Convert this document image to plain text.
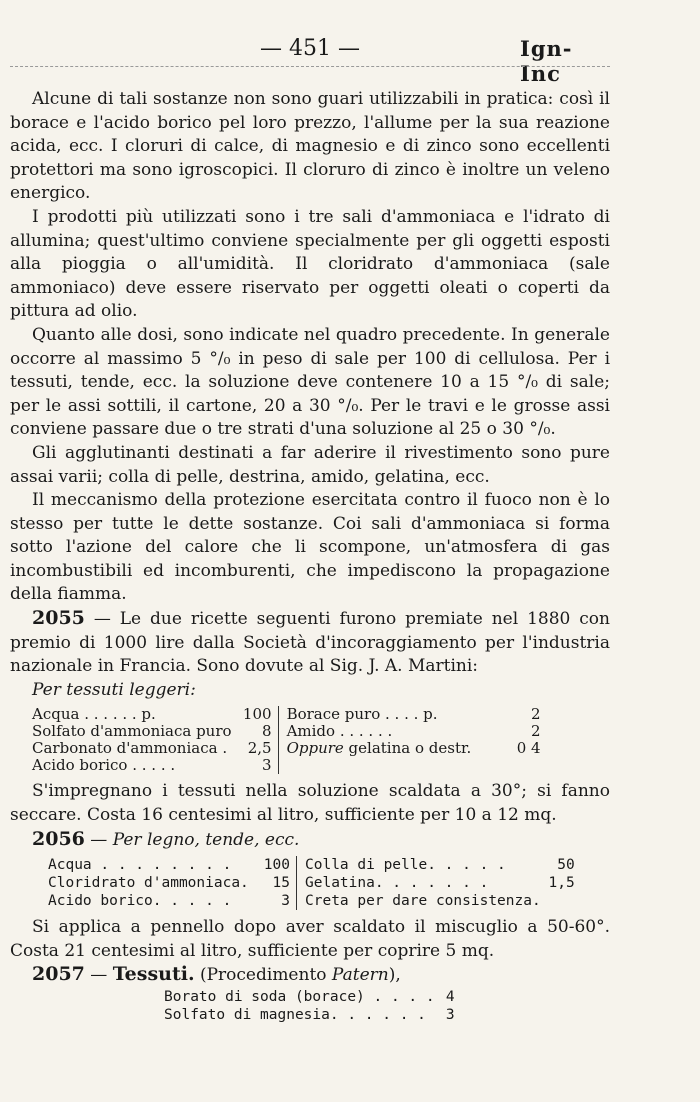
— 451 —	Ign-Inc

Alcune di tali sostanze non sono guari utilizzabili in pratica: così il borace e l'acido borico pel loro prezzo, l'allume per la sua reazione acida, ecc. I cloruri di calce, di magnesio e di zinco sono eccellenti protettori ma sono igroscopici. Il cloruro di zinco è inoltre un veleno energico.

I prodotti più utilizzati sono i tre sali d'ammoniaca e l'idrato di allumina; quest'ultimo conviene specialmente per gli oggetti esposti alla pioggia o all'umidità. Il cloridrato d'ammoniaca (sale ammoniaco) deve essere riservato per oggetti oleati o coperti da pittura ad olio.

Quanto alle dosi, sono indicate nel quadro precedente. In generale occorre al massimo 5 °/₀ in peso di sale per 100 di cellulosa. Per i tessuti, tende, ecc. la soluzione deve contenere 10 a 15 °/₀ di sale; per le assi sottili, il cartone, 20 a 30 °/₀. Per le travi e le grosse assi conviene passare due o tre strati d'una soluzione al 25 o 30 °/₀.

Gli agglutinanti destinati a far aderire il rivestimento sono pure assai varii; colla di pelle, destrina, amido, gelatina, ecc.

Il meccanismo della protezione esercitata contro il fuoco non è lo stesso per tutte le dette sostanze. Coi sali d'ammoniaca si forma sotto l'azione del calore che li scompone, un'atmosfera di gas incombustibili ed incomburenti, che impediscono la propagazione della fiamma.

2055 — Le due ricette seguenti furono premiate nel 1880 con premio di 1000 lire dalla Società d'incoraggiamento per l'industria nazionale in Francia. Sono dovute al Sig. J. A. Martini:

Per tessuti leggeri:

Acqua . . . . . . p.	100	Borace puro . . . . p.	2
Solfato d'ammoniaca puro	8	Amido . . . . . .	2
Carbonato d'ammoniaca .	2,5	Oppure gelatina o destr.	0 4
Acido borico . . . . .	3		

S'impregnano i tessuti nella soluzione scaldata a 30°; si fanno seccare. Costa 16 centesimi al litro, sufficiente per 10 a 12 mq.

2056 — Per legno, tende, ecc.

Acqua . . . . . . . .	100	Colla di pelle. . . . .	50
Cloridrato d'ammoniaca.	15	Gelatina. . . . . . .	1,5
Acido borico. . . . .	3	Creta per dare consistenza.	

Si applica a pennello dopo aver scaldato il miscuglio a 50-60°. Costa 21 centesimi al litro, sufficiente per coprire 5 mq.

2057 — Tessuti. (Procedimento Patern),

Borato di soda (borace) . . . .	4
Solfato di magnesia. . . . . .	3
